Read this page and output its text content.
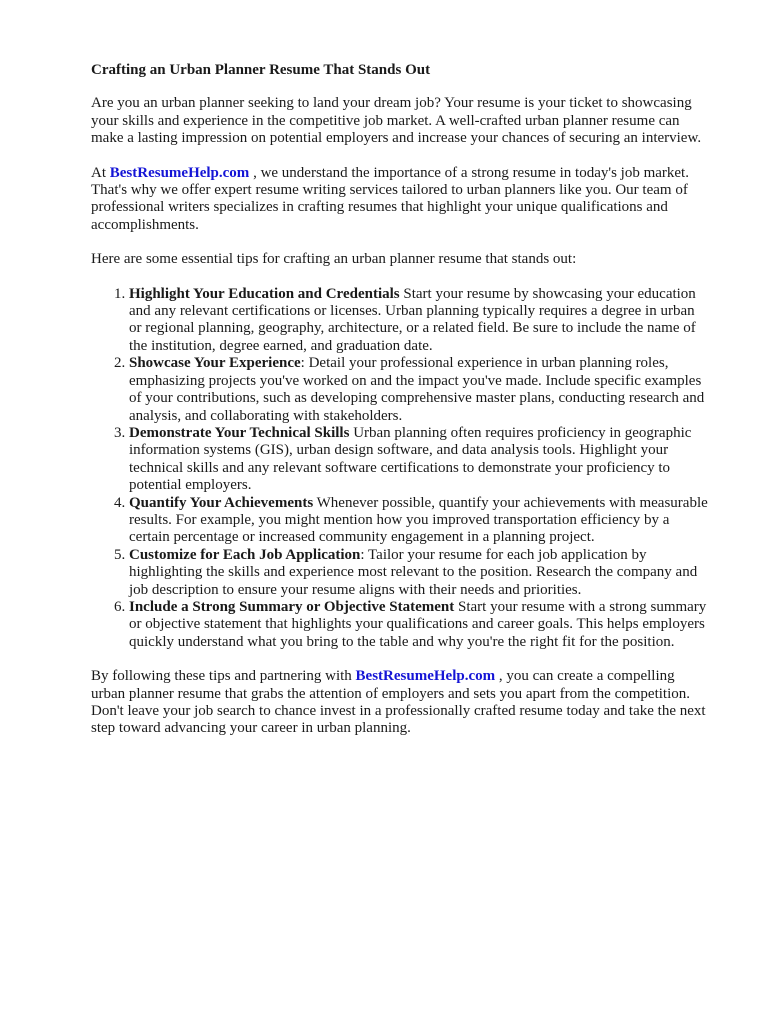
Crafting an Urban Planner Resume That Stands Out

Are you an urban planner seeking to land your dream job? Your resume is your ticket to showcasing your skills and experience in the competitive job market. A well-crafted urban planner resume can make a lasting impression on potential employers and increase your chances of securing an interview.

At BestResumeHelp.com , we understand the importance of a strong resume in today's job market. That's why we offer expert resume writing services tailored to urban planners like you. Our team of professional writers specializes in crafting resumes that highlight your unique qualifications and accomplishments.

Here are some essential tips for crafting an urban planner resume that stands out:

1. Highlight Your Education and Credentials Start your resume by showcasing your education and any relevant certifications or licenses. Urban planning typically requires a degree in urban or regional planning, geography, architecture, or a related field. Be sure to include the name of the institution, degree earned, and graduation date.
2. Showcase Your Experience: Detail your professional experience in urban planning roles, emphasizing projects you've worked on and the impact you've made. Include specific examples of your contributions, such as developing comprehensive master plans, conducting research and analysis, and collaborating with stakeholders.
3. Demonstrate Your Technical Skills Urban planning often requires proficiency in geographic information systems (GIS), urban design software, and data analysis tools. Highlight your technical skills and any relevant software certifications to demonstrate your proficiency to potential employers.
4. Quantify Your Achievements Whenever possible, quantify your achievements with measurable results. For example, you might mention how you improved transportation efficiency by a certain percentage or increased community engagement in a planning project.
5. Customize for Each Job Application: Tailor your resume for each job application by highlighting the skills and experience most relevant to the position. Research the company and job description to ensure your resume aligns with their needs and priorities.
6. Include a Strong Summary or Objective Statement Start your resume with a strong summary or objective statement that highlights your qualifications and career goals. This helps employers quickly understand what you bring to the table and why you're the right fit for the position.

By following these tips and partnering with BestResumeHelp.com , you can create a compelling urban planner resume that grabs the attention of employers and sets you apart from the competition. Don't leave your job search to chance invest in a professionally crafted resume today and take the next step toward advancing your career in urban planning.
